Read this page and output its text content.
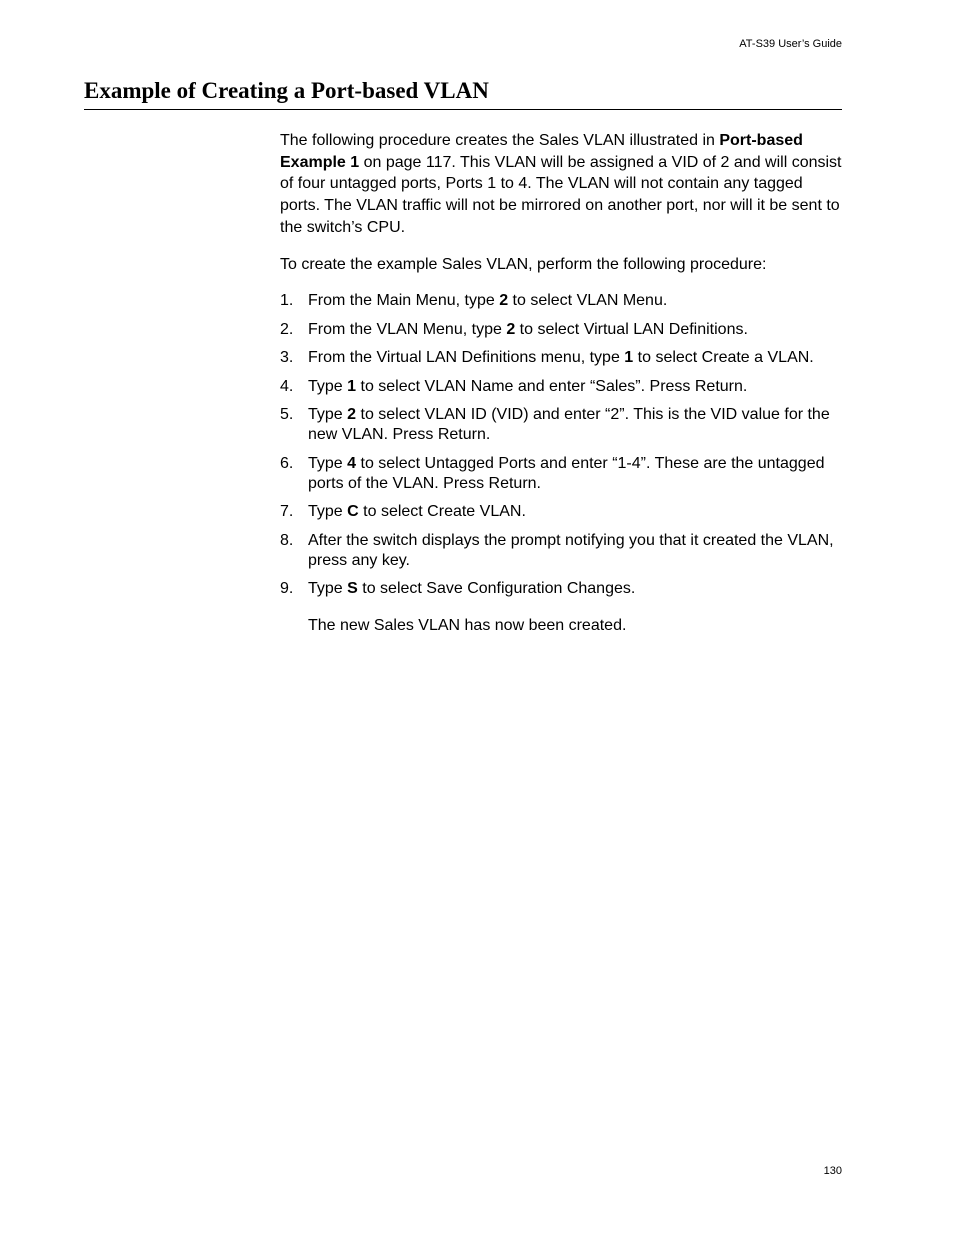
AT-S39 User’s Guide
Example of Creating a Port-based VLAN

The following procedure creates the Sales VLAN illustrated in Port-based Example 1 on page 117. This VLAN will be assigned a VID of 2 and will consist of four untagged ports, Ports 1 to 4. The VLAN will not contain any tagged ports. The VLAN traffic will not be mirrored on another port, nor will it be sent to the switch’s CPU.

To create the example Sales VLAN, perform the following procedure:

1. From the Main Menu, type 2 to select VLAN Menu.
2. From the VLAN Menu, type 2 to select Virtual LAN Definitions.
3. From the Virtual LAN Definitions menu, type 1 to select Create a VLAN.
4. Type 1 to select VLAN Name and enter “Sales”. Press Return.
5. Type 2 to select VLAN ID (VID) and enter “2”. This is the VID value for the new VLAN. Press Return.
6. Type 4 to select Untagged Ports and enter “1-4”. These are the untagged ports of the VLAN. Press Return.
7. Type C to select Create VLAN.
8. After the switch displays the prompt notifying you that it created the VLAN, press any key.
9. Type S to select Save Configuration Changes.

The new Sales VLAN has now been created.

130
